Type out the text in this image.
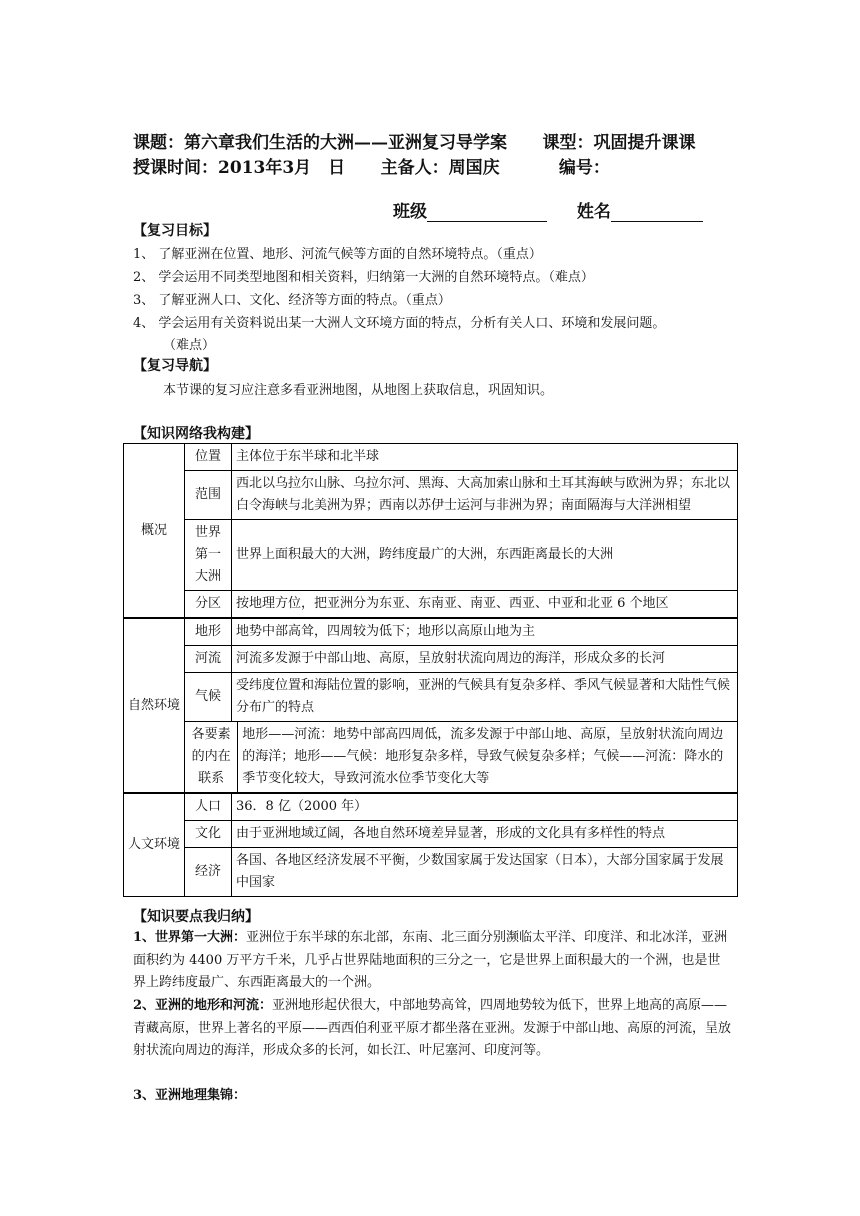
课题：第六章我们生活的大洲——亚洲复习导学案 课型：巩固提升课课
授课时间：2013年3月　日 主备人：周国庆	编号：
班级	姓名
【复习目标】
1、 了解亚洲在位置、地形、河流气候等方面的自然环境特点。（重点）
2、 学会运用不同类型地图和相关资料，归纳第一大洲的自然环境特点。（难点）
3、 了解亚洲人口、文化、经济等方面的特点。（重点）
4、 学会运用有关资料说出某一大洲人文环境方面的特点，分析有关人口、环境和发展问题。
（难点）
【复习导航】
本节课的复习应注意多看亚洲地图，从地图上获取信息，巩固知识。
【知识网络我构建】
概况	位置	主体位于东半球和北半球	
	范围	西北以乌拉尔山脉、乌拉尔河、黑海、大高加索山脉和土耳其海峡与欧洲为界；东北以白令海峡与北美洲为界；西南以苏伊士运河与非洲为界；南面隔海与大洋洲相望	
	世界第一大洲	世界上面积最大的大洲，跨纬度最广的大洲，东西距离最长的大洲	
	分区	按地理方位，把亚洲分为东亚、东南亚、南亚、西亚、中亚和北亚 6 个地区	
自然环境	地形	地势中部高耸，四周较为低下；地形以高原山地为主	
	河流	河流多发源于中部山地、高原，呈放射状流向周边的海洋，形成众多的长河	
	气候	受纬度位置和海陆位置的影响，亚洲的气候具有复杂多样、季风气候显著和大陆性气候分布广的特点	
	各要素的内在联系		地形——河流：地势中部高四周低，流多发源于中部山地、高原，呈放射状流向周边的海洋；地形——气候：地形复杂多样，导致气候复杂多样；气候——河流：降水的季节变化较大，导致河流水位季节变化大等
人文环境	人口	36．8 亿（2000 年）	
	文化	由于亚洲地域辽阔，各地自然环境差异显著，形成的文化具有多样性的特点	
	经济	各国、各地区经济发展不平衡，少数国家属于发达国家（日本），大部分国家属于发展中国家	
【知识要点我归纳】
1、世界第一大洲：亚洲位于东半球的东北部，东南、北三面分别濒临太平洋、印度洋、和北冰洋，亚洲面积约为 4400 万平方千米，几乎占世界陆地面积的三分之一，它是世界上面积最大的一个洲，也是世界上跨纬度最广、东西距离最大的一个洲。
2、亚洲的地形和河流：亚洲地形起伏很大，中部地势高耸，四周地势较为低下，世界上地高的高原——青藏高原，世界上著名的平原——西西伯利亚平原才都坐落在亚洲。发源于中部山地、高原的河流，呈放射状流向周边的海洋，形成众多的长河，如长江、叶尼塞河、印度河等。
3、亚洲地理集锦：
